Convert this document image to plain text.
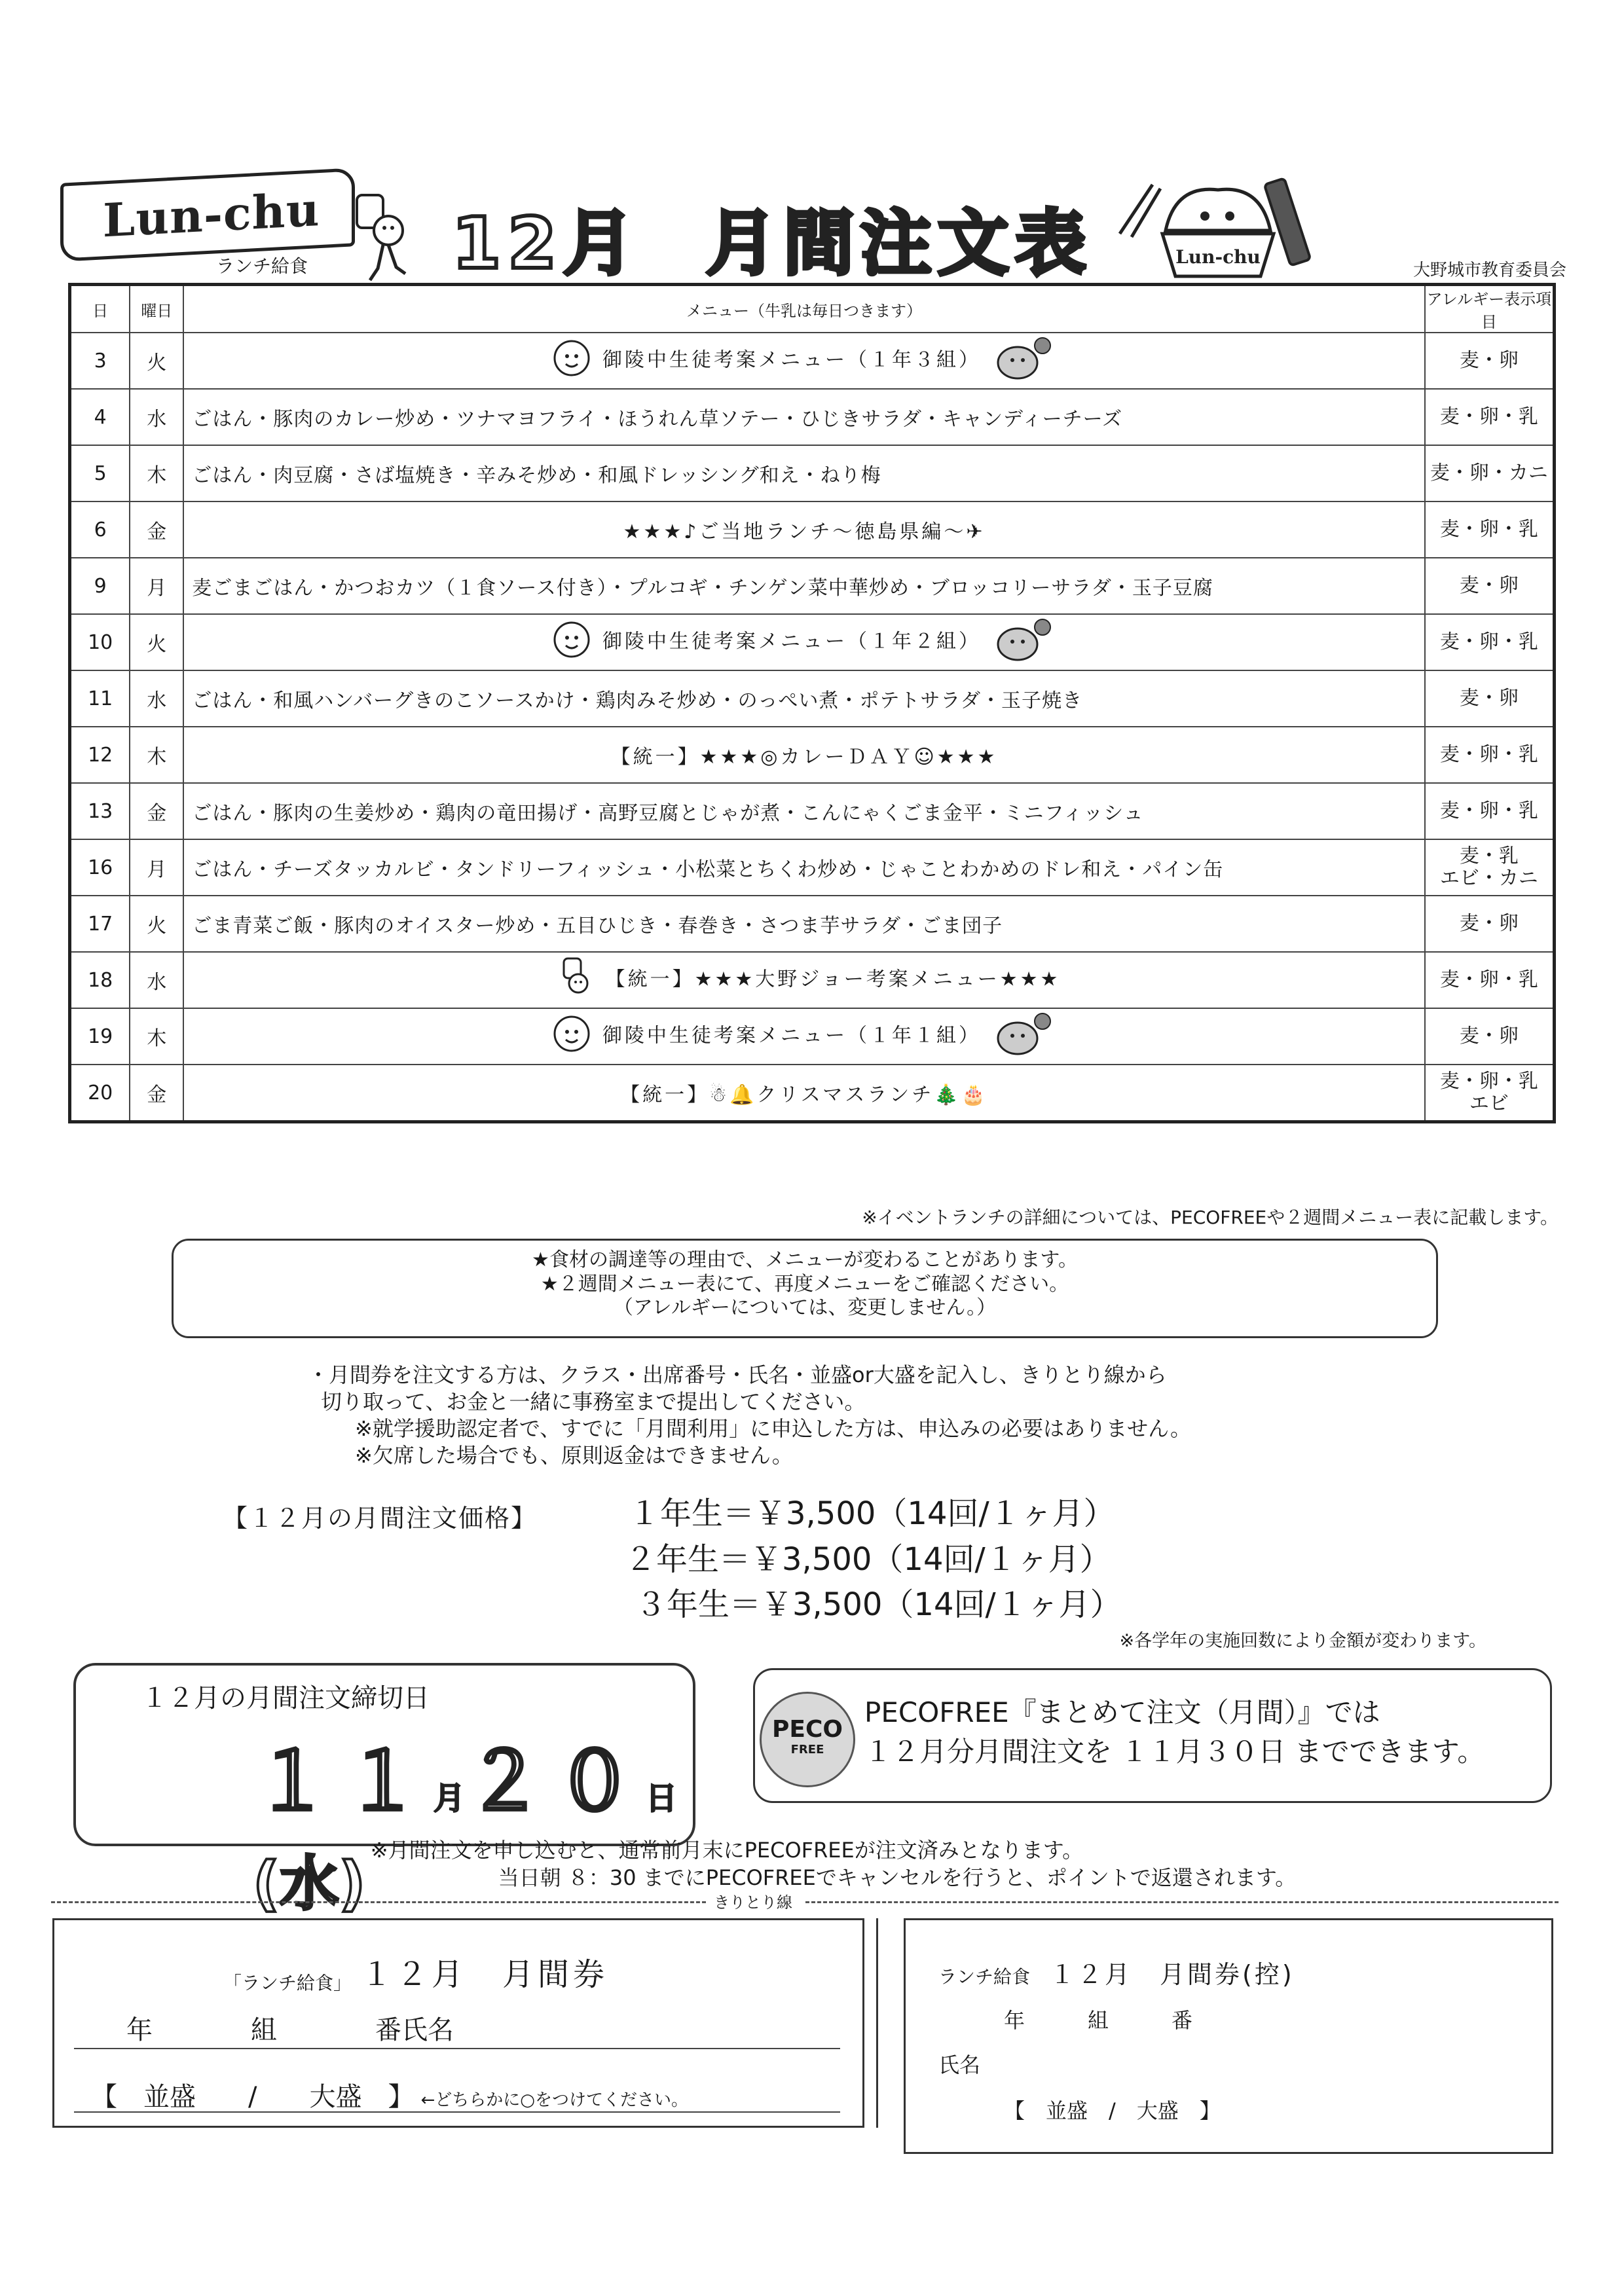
Lun-chu
ランチ給食 12月 月間注文表	Lun-chu
大野城市教育委員会
日	曜日	メニュー（牛乳は毎日つきます）	アレルギー表示項目
3	火	御陵中生徒考案メニュー（１年３組）	麦・卵

4	水	ごはん・豚肉のカレー炒め・ツナマヨフライ・ほうれん草ソテー・ひじきサラダ・キャンディーチーズ	麦・卵・乳

5	木	ごはん・肉豆腐・さば塩焼き・辛みそ炒め・和風ドレッシング和え・ねり梅	麦・卵・カニ

6	金	★★★♪ご当地ランチ～徳島県編～✈	麦・卵・乳

9	月	麦ごまごはん・かつおカツ（１食ソース付き）・プルコギ・チンゲン菜中華炒め・ブロッコリーサラダ・玉子豆腐	麦・卵

10	火	御陵中生徒考案メニュー（１年２組）	麦・卵・乳

11	水	ごはん・和風ハンバーグきのこソースかけ・鶏肉みそ炒め・のっぺい煮・ポテトサラダ・玉子焼き	麦・卵

12	木	【統一】★★★◎カレーＤＡＹ☺★★★	麦・卵・乳

13	金	ごはん・豚肉の生姜炒め・鶏肉の竜田揚げ・高野豆腐とじゃが煮・こんにゃくごま金平・ミニフィッシュ	麦・卵・乳

16	月	ごはん・チーズタッカルビ・タンドリーフィッシュ・小松菜とちくわ炒め・じゃことわかめのドレ和え・パイン缶	麦・乳
エビ・カニ

17	火	ごま青菜ご飯・豚肉のオイスター炒め・五目ひじき・春巻き・さつま芋サラダ・ごま団子	麦・卵

18	水	【統一】★★★大野ジョー考案メニュー★★★	麦・卵・乳

19	木	御陵中生徒考案メニュー（１年１組）	麦・卵

20	金	【統一】☃🔔クリスマスランチ🎄🎂	麦・卵・乳
エビ
※イベントランチの詳細については、PECOFREEや２週間メニュー表に記載します。
★食材の調達等の理由で、メニューが変わることがあります。
★２週間メニュー表にて、再度メニューをご確認ください。
（アレルギーについては、変更しません。）
・月間券を注文する方は、クラス・出席番号・氏名・並盛or大盛を記入し、きりとり線から
切り取って、お金と一緒に事務室まで提出してください。
※就学援助認定者で、すでに「月間利用」に申込した方は、申込みの必要はありません。
※欠席した場合でも、原則返金はできません。
【１２月の月間注文価格】	１年生＝￥3,500（14回/１ヶ月）
２年生＝￥3,500（14回/１ヶ月）
３年生＝￥3,500（14回/１ヶ月）
※各学年の実施回数により金額が変わります。
１２月の月間注文締切日
１１月２０日(水)
PECO
FREE
PECOFREE『まとめて注文（月間）』では
１２月分月間注文を １１月３０日 までできます。
※月間注文を申し込むと、通常前月末にPECOFREEが注文済みとなります。
当日朝 ８：30 までにPECOFREEでキャンセルを行うと、ポイントで返還されます。
きりとり線
「ランチ給食」 １２月　月間券
年	組	番氏名
【　並盛　　/　　大盛　】 ←どちらかに○をつけてください。
ランチ給食 １２月　月間券(控)
年　　　組　　　番
氏名
【　並盛　/　大盛　】
